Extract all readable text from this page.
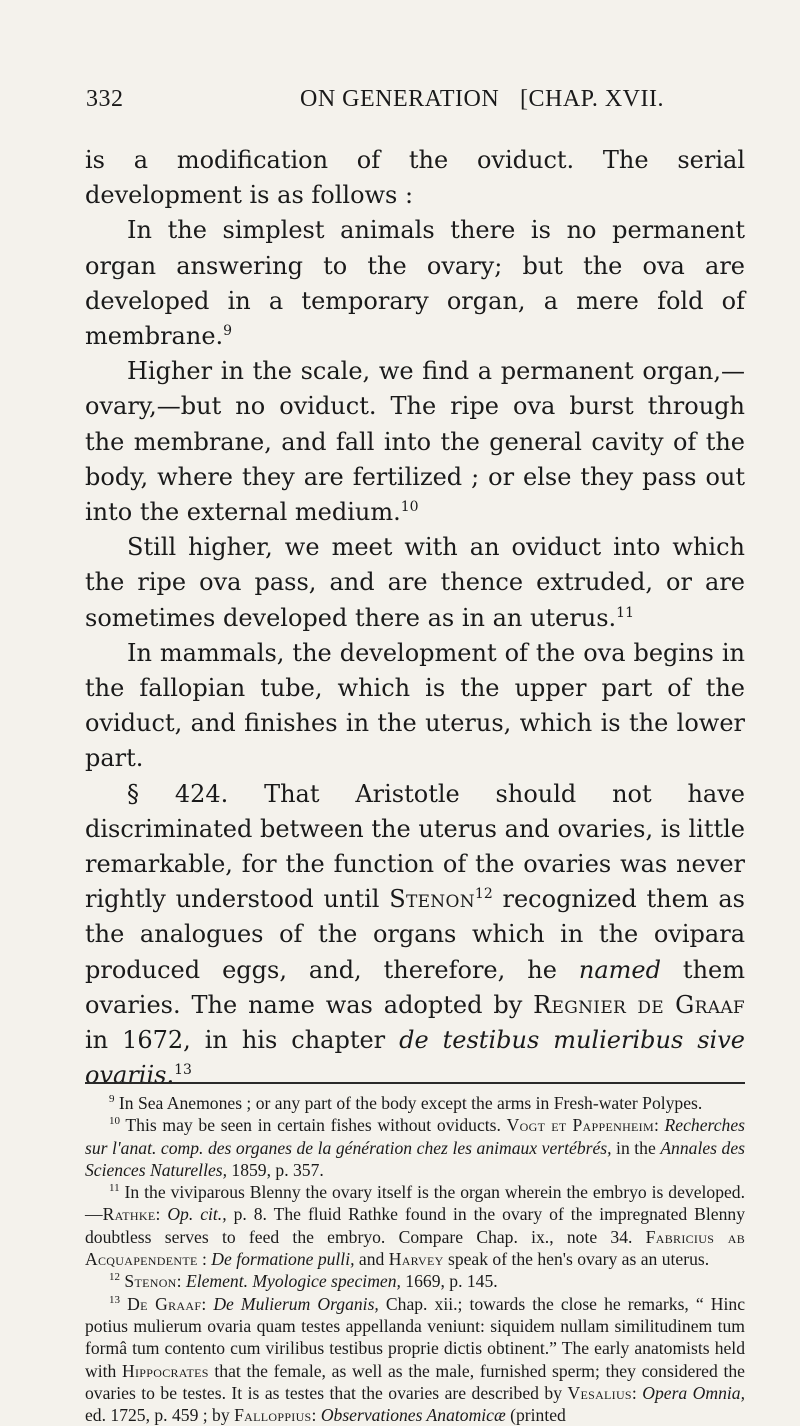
332	ON GENERATION [CHAP. XVII.

is a modification of the oviduct. The serial development is as follows :

In the simplest animals there is no permanent organ answering to the ovary; but the ova are developed in a temporary organ, a mere fold of membrane.$^9$

Higher in the scale, we find a permanent organ,—ovary,—but no oviduct. The ripe ova burst through the membrane, and fall into the general cavity of the body, where they are fertilized ; or else they pass out into the external medium.$^{10}$

Still higher, we meet with an oviduct into which the ripe ova pass, and are thence extruded, or are sometimes developed there as in an uterus.$^{11}$

In mammals, the development of the ova begins in the fallopian tube, which is the upper part of the oviduct, and finishes in the uterus, which is the lower part.

§ 424. That Aristotle should not have discriminated between the uterus and ovaries, is little remarkable, for the function of the ovaries was never rightly understood until Stenon$^{12}$ recognized them as the analogues of the organs which in the ovipara produced eggs, and, therefore, he named them ovaries. The name was adopted by Regnier de Graaf in 1672, in his chapter de testibus mulieribus sive ovariis.$^{13}$

$^9$ In Sea Anemones ; or any part of the body except the arms in Fresh-water Polypes.

$^{10}$ This may be seen in certain fishes without oviducts. Vogt et Pappenheim: Recherches sur l'anat. comp. des organes de la génération chez les animaux vertébrés, in the Annales des Sciences Naturelles, 1859, p. 357.

$^{11}$ In the viviparous Blenny the ovary itself is the organ wherein the embryo is developed.—Rathke: Op. cit., p. 8. The fluid Rathke found in the ovary of the impregnated Blenny doubtless serves to feed the embryo. Compare Chap. ix., note 34. Fabricius ab Acquapendente : De formatione pulli, and Harvey speak of the hen's ovary as an uterus.

$^{12}$ Stenon: Element. Myologice specimen, 1669, p. 145.

$^{13}$ De Graaf: De Mulierum Organis, Chap. xii.; towards the close he remarks, “ Hinc potius mulierum ovaria quam testes appellanda veniunt: siquidem nullam similitudinem tum formâ tum contento cum virilibus testibus proprie dictis obtinent.” The early anatomists held with Hippocrates that the female, as well as the male, furnished sperm; they considered the ovaries to be testes. It is as testes that the ovaries are described by Vesalius: Opera Omnia, ed. 1725, p. 459 ; by Falloppius: Observationes Anatomicæ (printed
